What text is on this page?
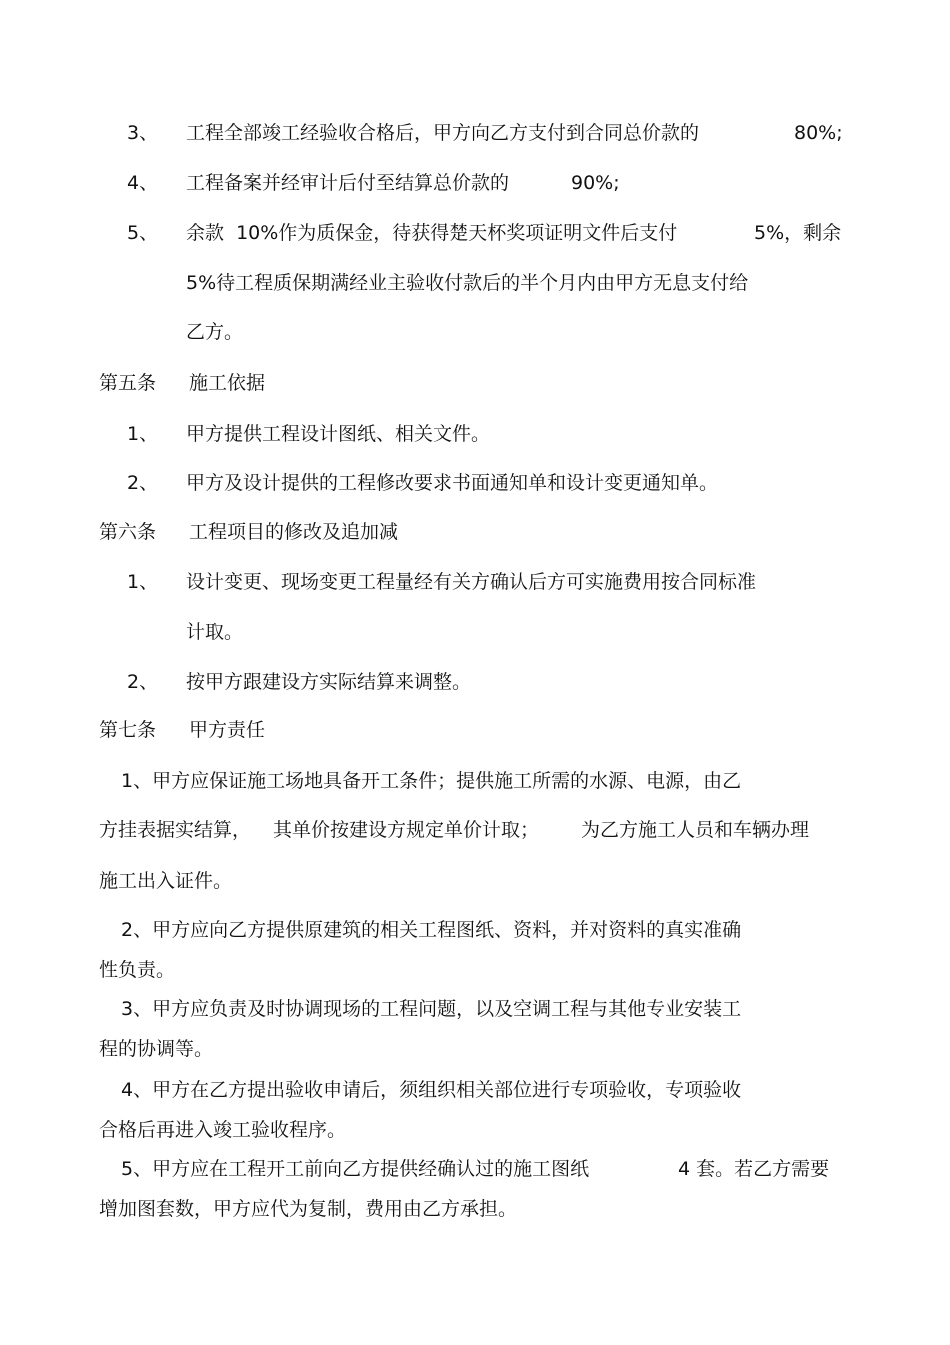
3、 工程全部竣工经验收合格后，甲方向乙方支付到合同总价款的	80%;
4、 工程备案并经审计后付至结算总价款的	90%;
5、 余款  10%作为质保金，待获得楚天杯奖项证明文件后支付	5%，剩余
5%待工程质保期满经业主验收付款后的半个月内由甲方无息支付给
乙方。
第五条 施工依据
1、 甲方提供工程设计图纸、相关文件。
2、 甲方及设计提供的工程修改要求书面通知单和设计变更通知单。
第六条 工程项目的修改及追加减
1、 设计变更、现场变更工程量经有关方确认后方可实施费用按合同标准
计取。
2、 按甲方跟建设方实际结算来调整。
第七条 甲方责任
1、甲方应保证施工场地具备开工条件；提供施工所需的水源、电源，由乙
方挂表据实结算， 其单价按建设方规定单价计取； 为乙方施工人员和车辆办理
施工出入证件。
2、甲方应向乙方提供原建筑的相关工程图纸、资料，并对资料的真实准确
性负责。
3、甲方应负责及时协调现场的工程问题，以及空调工程与其他专业安装工
程的协调等。
4、甲方在乙方提出验收申请后，须组织相关部位进行专项验收，专项验收
合格后再进入竣工验收程序。
5、甲方应在工程开工前向乙方提供经确认过的施工图纸	4 套。若乙方需要
增加图套数，甲方应代为复制，费用由乙方承担。
